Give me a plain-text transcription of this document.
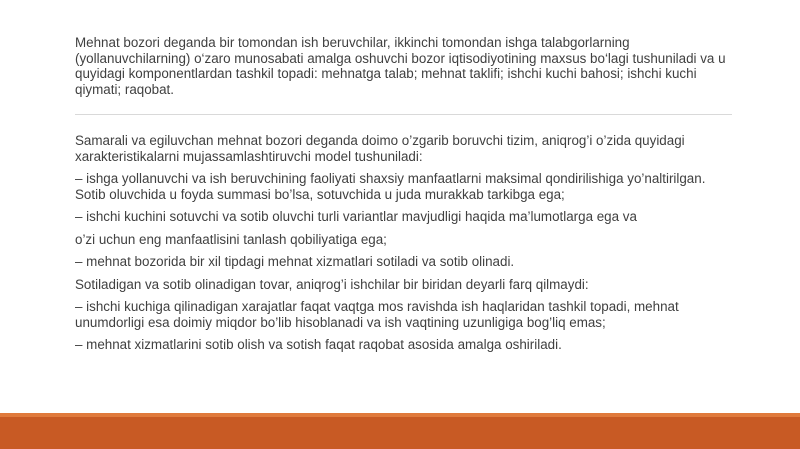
Mehnat bozori deganda bir tomondan ish beruvchilar, ikkinchi tomondan ishga talabgorlarning (yollanuvchilarning) o‘zaro munosabati amalga oshuvchi bozor iqtisodiyotining maxsus bo‘lagi tushuniladi va u quyidagi komponentlardan tashkil topadi: mehnatga talab; mehnat taklifi; ishchi kuchi bahosi; ishchi kuchi qiymati; raqobat.

Samarali va egiluvchan mehnat bozori deganda doimo o’zgarib boruvchi tizim, aniqrog’i o’zida quyidagi xarakteristikalarni mujassamlashtiruvchi model tushuniladi:

– ishga yollanuvchi va ish beruvchining faoliyati shaxsiy manfaatlarni maksimal qondirilishiga yo’naltirilgan. Sotib oluvchida u foyda summasi bo’lsa, sotuvchida u juda murakkab tarkibga ega;

– ishchi kuchini sotuvchi va sotib oluvchi turli variantlar mavjudligi haqida ma’lumotlarga ega va

o’zi uchun eng manfaatlisini tanlash qobiliyatiga ega;

– mehnat bozorida bir xil tipdagi mehnat xizmatlari sotiladi va sotib olinadi.

Sotiladigan va sotib olinadigan tovar, aniqrog’i ishchilar bir biridan deyarli farq qilmaydi:

– ishchi kuchiga qilinadigan xarajatlar faqat vaqtga mos ravishda ish haqlaridan tashkil topadi, mehnat unumdorligi esa doimiy miqdor bo’lib hisoblanadi va ish vaqtining uzunligiga bog’liq emas;

– mehnat xizmatlarini sotib olish va sotish faqat raqobat asosida amalga oshiriladi.
